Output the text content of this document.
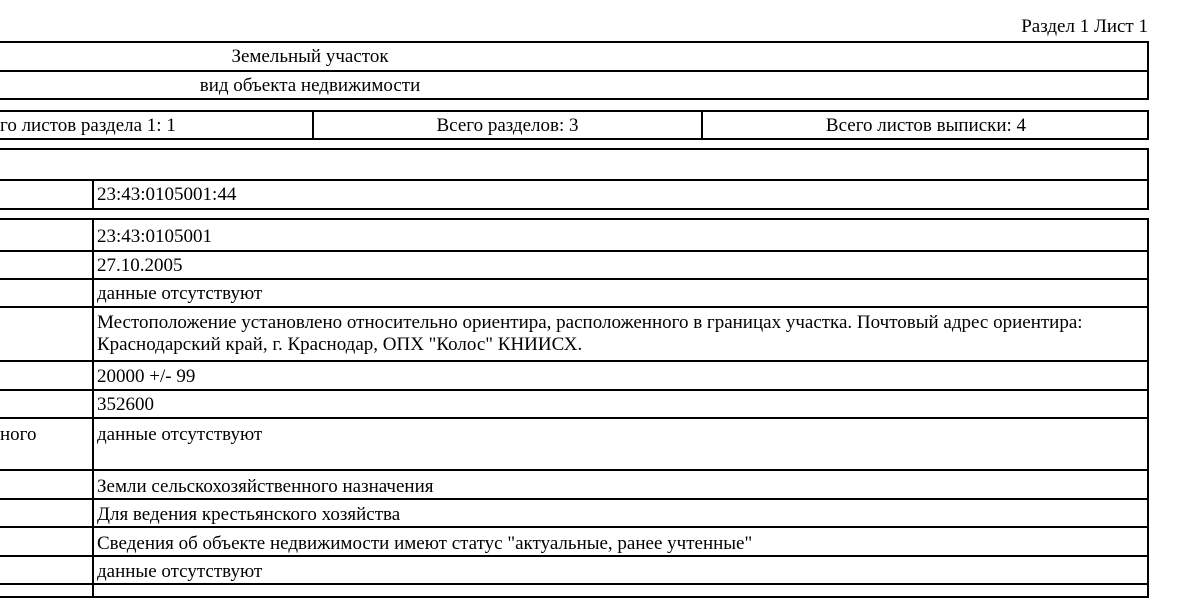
Раздел 1 Лист 1
Земельный участок
вид объекта недвижимости
го листов раздела 1: 1	Всего разделов: 3	Всего листов выписки: 4
23:43:0105001:44
ного
23:43:0105001
27.10.2005
данные отсутствуют
Местоположение установлено относительно ориентира, расположенного в границах участка. Почтовый адрес ориентира: Краснодарский край, г. Краснодар, ОПХ "Колос" КНИИСХ.
20000 +/- 99
352600
данные отсутствуют
Земли сельскохозяйственного назначения
Для ведения крестьянского хозяйства
Сведения об объекте недвижимости имеют статус "актуальные, ранее учтенные"
данные отсутствуют
